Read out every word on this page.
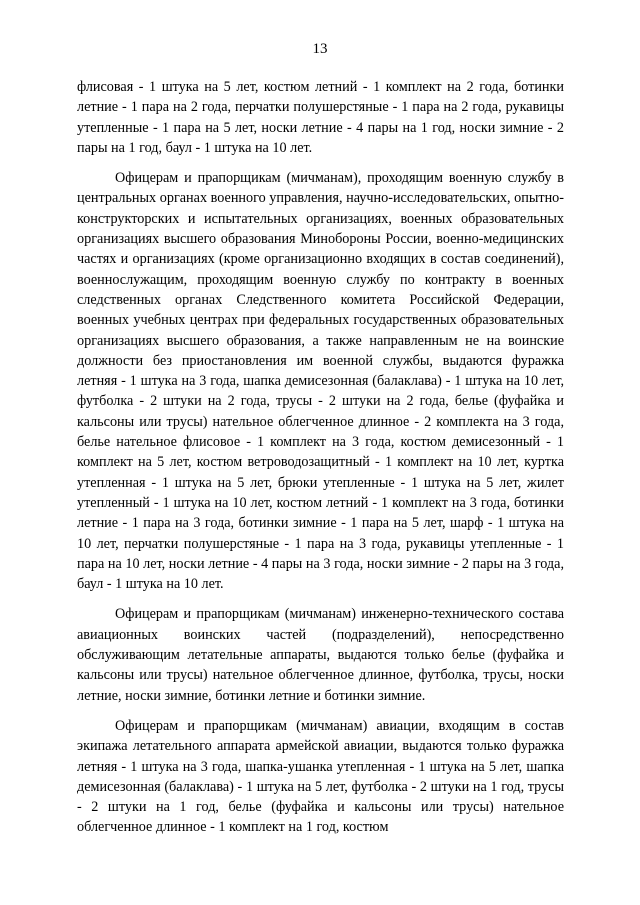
13

флисовая - 1 штука на 5 лет, костюм летний - 1 комплект на 2 года, ботинки летние - 1 пара на 2 года, перчатки полушерстяные - 1 пара на 2 года, рукавицы утепленные - 1 пара на 5 лет, носки летние - 4 пары на 1 год, носки зимние - 2 пары на 1 год, баул - 1 штука на 10 лет.

Офицерам и прапорщикам (мичманам), проходящим военную службу в центральных органах военного управления, научно-исследовательских, опытно-конструкторских и испытательных организациях, военных образовательных организациях высшего образования Минобороны России, военно-медицинских частях и организациях (кроме организационно входящих в состав соединений), военнослужащим, проходящим военную службу по контракту в военных следственных органах Следственного комитета Российской Федерации, военных учебных центрах при федеральных государственных образовательных организациях высшего образования, а также направленным не на воинские должности без приостановления им военной службы, выдаются фуражка летняя - 1 штука на 3 года, шапка демисезонная (балаклава) - 1 штука на 10 лет, футболка - 2 штуки на 2 года, трусы - 2 штуки на 2 года, белье (фуфайка и кальсоны или трусы) нательное облегченное длинное - 2 комплекта на 3 года, белье нательное флисовое - 1 комплект на 3 года, костюм демисезонный - 1 комплект на 5 лет, костюм ветроводозащитный - 1 комплект на 10 лет, куртка утепленная - 1 штука на 5 лет, брюки утепленные - 1 штука на 5 лет, жилет утепленный - 1 штука на 10 лет, костюм летний - 1 комплект на 3 года, ботинки летние - 1 пара на 3 года, ботинки зимние - 1 пара на 5 лет, шарф - 1 штука на 10 лет, перчатки полушерстяные - 1 пара на 3 года, рукавицы утепленные - 1 пара на 10 лет, носки летние - 4 пары на 3 года, носки зимние - 2 пары на 3 года, баул - 1 штука на 10 лет.

Офицерам и прапорщикам (мичманам) инженерно-технического состава авиационных воинских частей (подразделений), непосредственно обслуживающим летательные аппараты, выдаются только белье (фуфайка и кальсоны или трусы) нательное облегченное длинное, футболка, трусы, носки летние, носки зимние, ботинки летние и ботинки зимние.

Офицерам и прапорщикам (мичманам) авиации, входящим в состав экипажа летательного аппарата армейской авиации, выдаются только фуражка летняя - 1 штука на 3 года, шапка-ушанка утепленная - 1 штука на 5 лет, шапка демисезонная (балаклава) - 1 штука на 5 лет, футболка - 2 штуки на 1 год, трусы - 2 штуки на 1 год, белье (фуфайка и кальсоны или трусы) нательное облегченное длинное - 1 комплект на 1 год, костюм
